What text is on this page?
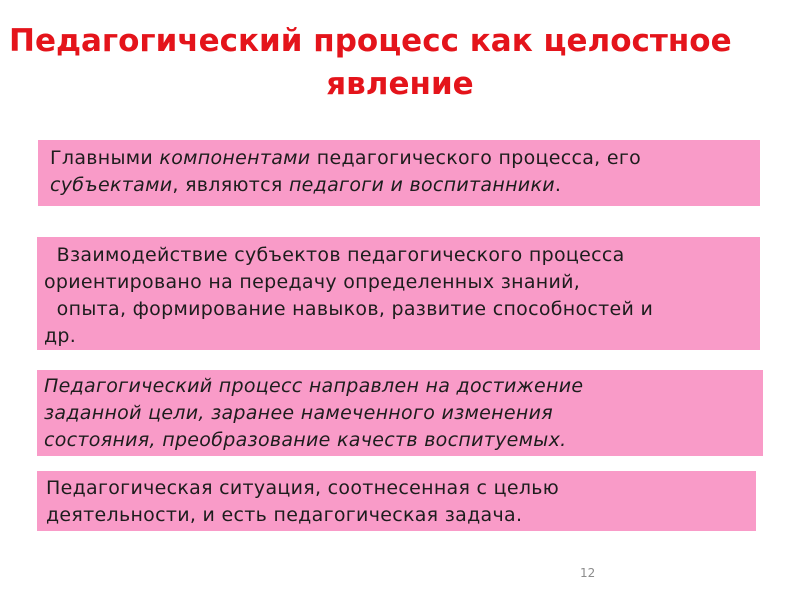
Педагогический процесс как целостное
явление

Главными компонентами педагогического процесса, его

субъектами, являются педагоги и воспитанники.

Взаимодействие субъектов педагогического процесса

ориентировано на передачу определенных знаний,

опыта, формирование навыков, развитие способностей и

др.

Педагогический процесс направлен на достижение

заданной цели, заранее намеченного изменения

состояния, преобразование качеств воспитуемых.

Педагогическая ситуация, соотнесенная с целью

деятельности, и есть педагогическая задача.

12
